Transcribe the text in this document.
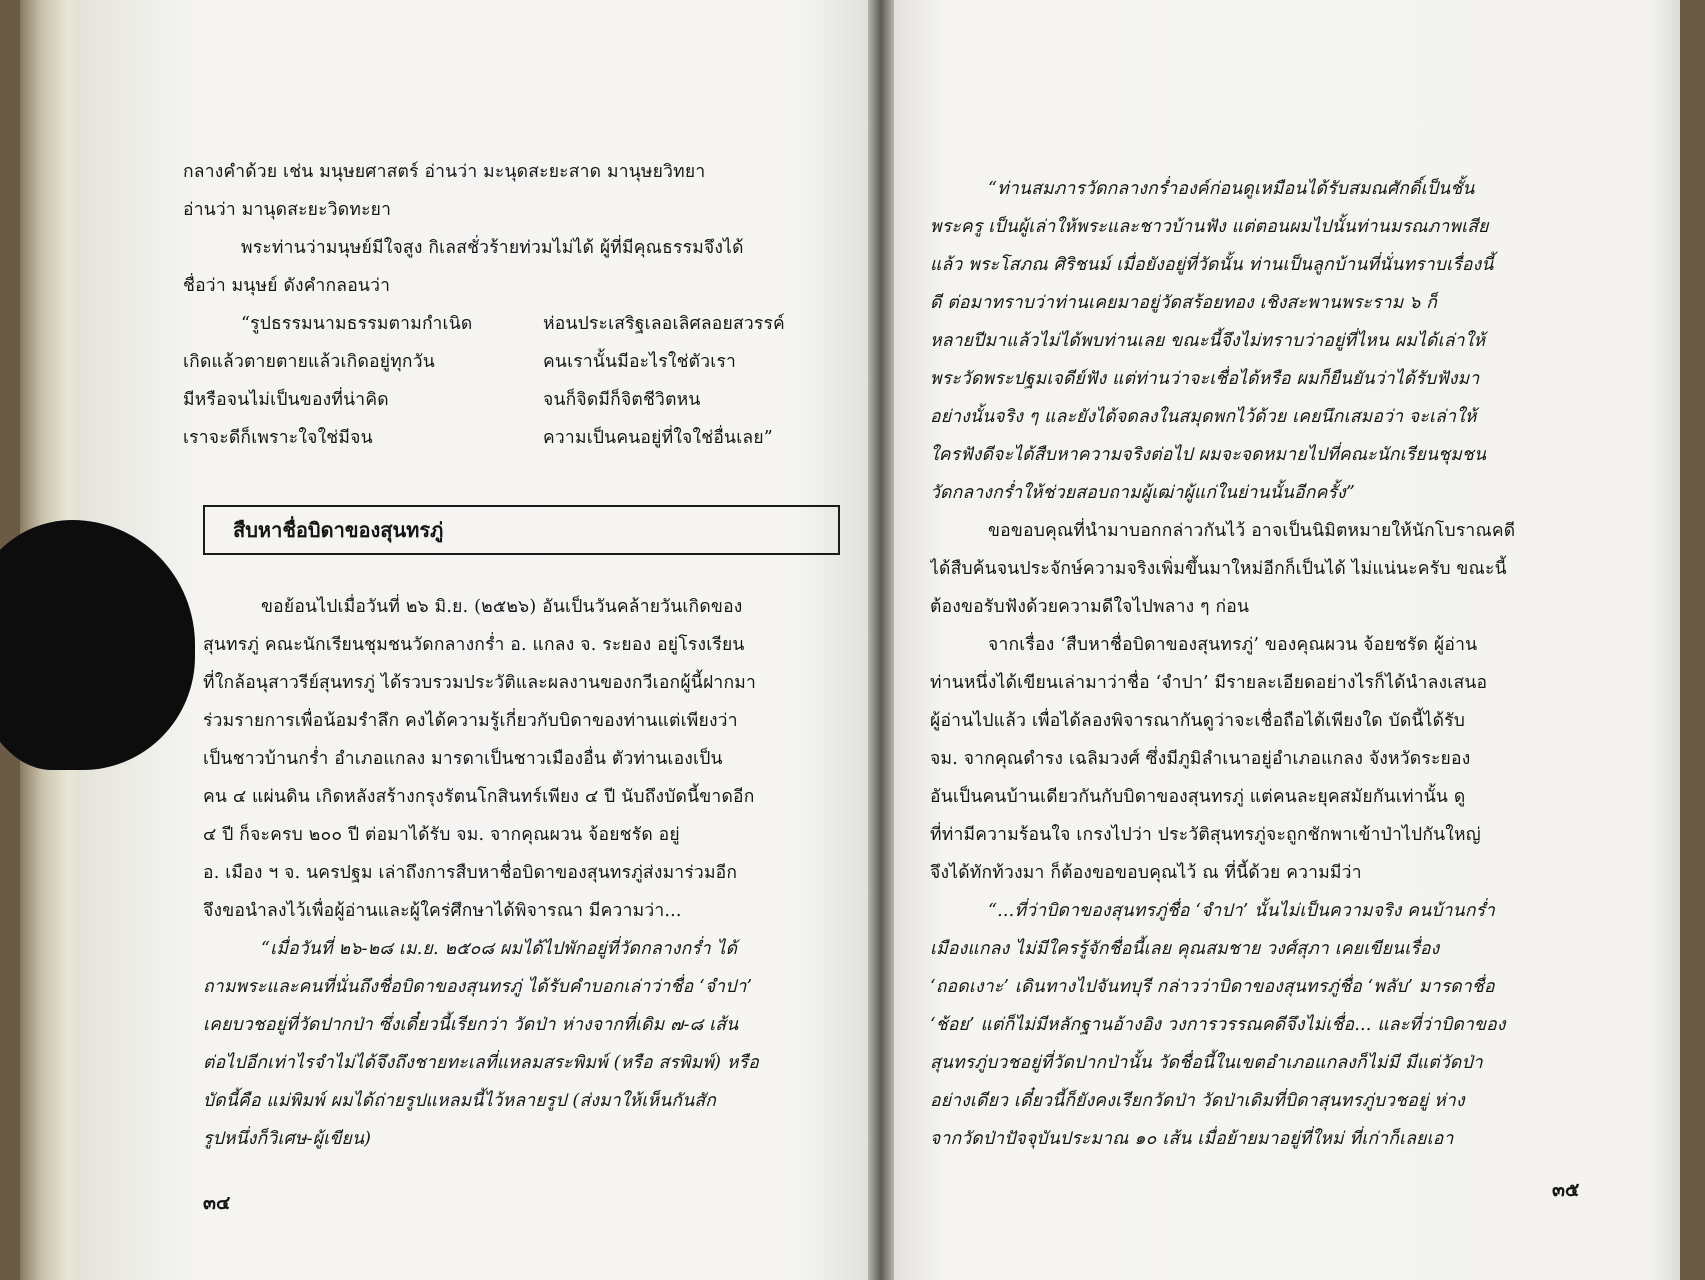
กลางคำด้วย เช่น มนุษยศาสตร์ อ่านว่า มะนุดสะยะสาด มานุษยวิทยา
อ่านว่า มานุดสะยะวิดทะยา
พระท่านว่ามนุษย์มีใจสูง กิเลสชั่วร้ายท่วมไม่ได้ ผู้ที่มีคุณธรรมจึงได้
ชื่อว่า มนุษย์ ดังคำกลอนว่า
“รูปธรรมนามธรรมตามกำเนิด	ห่อนประเสริฐเลอเลิศลอยสวรรค์
เกิดแล้วตายตายแล้วเกิดอยู่ทุกวัน	คนเรานั้นมีอะไรใช่ตัวเรา
มีหรือจนไม่เป็นของที่น่าคิด	จนก็จิดมีก็จิตชีวิตหน
เราจะดีก็เพราะใจใช่มีจน	ความเป็นคนอยู่ที่ใจใช่อื่นเลย”
สืบหาชื่อบิดาของสุนทรภู่
ขอย้อนไปเมื่อวันที่ ๒๖ มิ.ย. (๒๕๒๖) อันเป็นวันคล้ายวันเกิดของ
สุนทรภู่ คณะนักเรียนชุมชนวัดกลางกร่ำ อ. แกลง จ. ระยอง อยู่โรงเรียน
ที่ใกล้อนุสาวรีย์สุนทรภู่ ได้รวบรวมประวัติและผลงานของกวีเอกผู้นี้ฝากมา
ร่วมรายการเพื่อน้อมรำลึก คงได้ความรู้เกี่ยวกับบิดาของท่านแต่เพียงว่า
เป็นชาวบ้านกร่ำ อำเภอแกลง มารดาเป็นชาวเมืองอื่น ตัวท่านเองเป็น
คน ๔ แผ่นดิน เกิดหลังสร้างกรุงรัตนโกสินทร์เพียง ๔ ปี นับถึงบัดนี้ขาดอีก
๔ ปี ก็จะครบ ๒๐๐ ปี ต่อมาได้รับ จม. จากคุณผวน จ้อยชรัด อยู่
อ. เมือง ฯ จ. นครปฐม เล่าถึงการสืบหาชื่อบิดาของสุนทรภู่ส่งมาร่วมอีก
จึงขอนำลงไว้เพื่อผู้อ่านและผู้ใคร่ศึกษาได้พิจารณา มีความว่า...
“เมื่อวันที่ ๒๖-๒๘ เม.ย. ๒๕๐๘ ผมได้ไปพักอยู่ที่วัดกลางกร่ำ ได้
ถามพระและคนที่นั่นถึงชื่อบิดาของสุนทรภู่ ได้รับคำบอกเล่าว่าชื่อ ‘จำปา’
เคยบวชอยู่ที่วัดปากป่า ซึ่งเดี๋ยวนี้เรียกว่า วัดป่า ห่างจากที่เดิม ๗-๘ เส้น
ต่อไปอีกเท่าไรจำไม่ได้จึงถึงชายทะเลที่แหลมสระพิมพ์ (หรือ สรพิมพ์) หรือ
บัดนี้คือ แม่พิมพ์ ผมได้ถ่ายรูปแหลมนี้ไว้หลายรูป (ส่งมาให้เห็นกันสัก
รูปหนึ่งก็วิเศษ-ผู้เขียน)
๓๔
“ท่านสมภารวัดกลางกร่ำองค์ก่อนดูเหมือนได้รับสมณศักดิ์เป็นชั้น
พระครู เป็นผู้เล่าให้พระและชาวบ้านฟัง แต่ตอนผมไปนั้นท่านมรณภาพเสีย
แล้ว พระโสภณ ศิริชนม์ เมื่อยังอยู่ที่วัดนั้น ท่านเป็นลูกบ้านที่นั่นทราบเรื่องนี้
ดี ต่อมาทราบว่าท่านเคยมาอยู่วัดสร้อยทอง เชิงสะพานพระราม ๖ ก็
หลายปีมาแล้วไม่ได้พบท่านเลย ขณะนี้จึงไม่ทราบว่าอยู่ที่ไหน ผมได้เล่าให้
พระวัดพระปฐมเจดีย์ฟัง แต่ท่านว่าจะเชื่อได้หรือ ผมก็ยืนยันว่าได้รับฟังมา
อย่างนั้นจริง ๆ และยังได้จดลงในสมุดพกไว้ด้วย เคยนึกเสมอว่า จะเล่าให้
ใครฟังดีจะได้สืบหาความจริงต่อไป ผมจะจดหมายไปที่คณะนักเรียนชุมชน
วัดกลางกร่ำให้ช่วยสอบถามผู้เฒ่าผู้แก่ในย่านนั้นอีกครั้ง”
ขอขอบคุณที่นำมาบอกกล่าวกันไว้ อาจเป็นนิมิตหมายให้นักโบราณคดี
ได้สืบค้นจนประจักษ์ความจริงเพิ่มขึ้นมาใหม่อีกก็เป็นได้ ไม่แน่นะครับ ขณะนี้
ต้องขอรับฟังด้วยความดีใจไปพลาง ๆ ก่อน
จากเรื่อง ‘สืบหาชื่อบิดาของสุนทรภู่’ ของคุณผวน จ้อยชรัด ผู้อ่าน
ท่านหนึ่งได้เขียนเล่ามาว่าชื่อ ‘จำปา’ มีรายละเอียดอย่างไรก็ได้นำลงเสนอ
ผู้อ่านไปแล้ว เพื่อได้ลองพิจารณากันดูว่าจะเชื่อถือได้เพียงใด บัดนี้ได้รับ
จม. จากคุณดำรง เฉลิมวงศ์ ซึ่งมีภูมิลำเนาอยู่อำเภอแกลง จังหวัดระยอง
อันเป็นคนบ้านเดียวกันกับบิดาของสุนทรภู่ แต่คนละยุคสมัยกันเท่านั้น ดู
ที่ท่ามีความร้อนใจ เกรงไปว่า ประวัติสุนทรภู่จะถูกชักพาเข้าป่าไปกันใหญ่
จึงได้ทักท้วงมา ก็ต้องขอขอบคุณไว้ ณ ที่นี้ด้วย ความมีว่า
“...ที่ว่าบิดาของสุนทรภู่ชื่อ ‘จำปา’ นั้นไม่เป็นความจริง คนบ้านกร่ำ
เมืองแกลง ไม่มีใครรู้จักชื่อนี้เลย คุณสมชาย วงศ์สุภา เคยเขียนเรื่อง
‘ถอดเงาะ’ เดินทางไปจันทบุรี กล่าวว่าบิดาของสุนทรภู่ชื่อ ‘พลับ’ มารดาชื่อ
‘ช้อย’ แต่ก็ไม่มีหลักฐานอ้างอิง วงการวรรณคดีจึงไม่เชื่อ... และที่ว่าบิดาของ
สุนทรภู่บวชอยู่ที่วัดปากป่านั้น วัดชื่อนี้ในเขตอำเภอแกลงก็ไม่มี มีแต่วัดป่า
อย่างเดียว เดี๋ยวนี้ก็ยังคงเรียกวัดป่า วัดป่าเดิมที่บิดาสุนทรภู่บวชอยู่ ห่าง
จากวัดป่าปัจจุบันประมาณ ๑๐ เส้น เมื่อย้ายมาอยู่ที่ใหม่ ที่เก่าก็เลยเอา
๓๕
